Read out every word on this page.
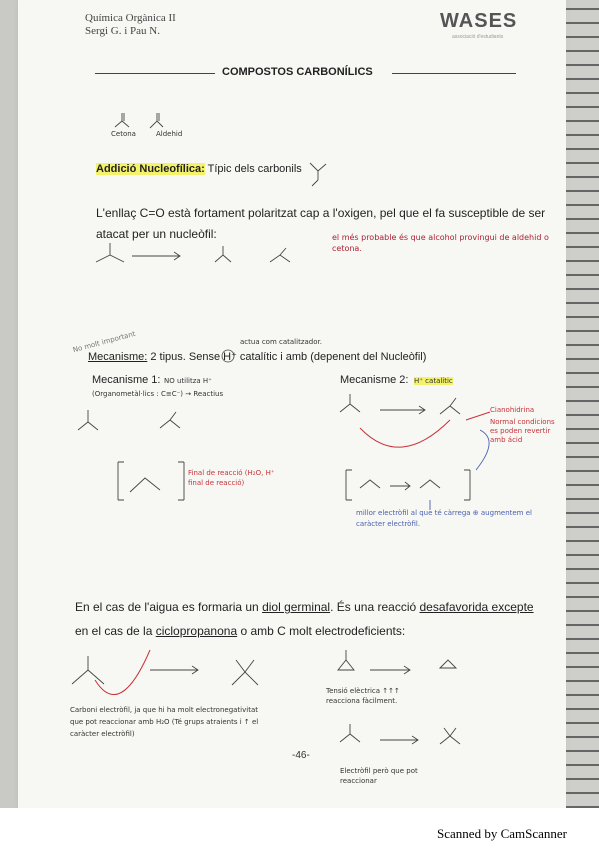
Química Orgànica II
Sergi G. i Pau N.	WASES
associació d'estudiants
COMPOSTOS CARBONÍLICS
Cetona	Aldehid
Addició Nucleofílica: Típic dels carbonils
L'enllaç C=O està fortament polaritzat cap a l'oxigen, pel que el fa susceptible de ser
atacat per un nucleòfil:	el més probable és que alcohol provingui de aldehid o cetona.
No molt important	actua com catalitzador.
Mecanisme: 2 tipus. Sense H⁺ catalític i amb (depenent del Nucleòfil)
Mecanisme 1: NO utilitza H⁺
(Organometàl·lics : C≡C⁻) → Reactius
Final de reacció (H₂O, H⁺ final de reacció)
Mecanisme 2: H⁺ catalític
Cianohidrina
Normal condicions es poden revertir amb ácid
millor electròfil al que té càrrega ⊕ augmentem el caràcter electròfil.
En el cas de l'aigua es formaria un diol germinal. És una reacció desafavorida excepte
en el cas de la ciclopropanona o amb C molt electrodeficients:
Carboni electròfil, ja que hi ha molt electronegativitat que pot reaccionar amb H₂O (Té grups atraients i ↑ el caràcter electròfil)
Tensió elèctrica ↑↑↑ reacciona fàcilment.
Electròfil però que pot reaccionar
-46-
Scanned by CamScanner
